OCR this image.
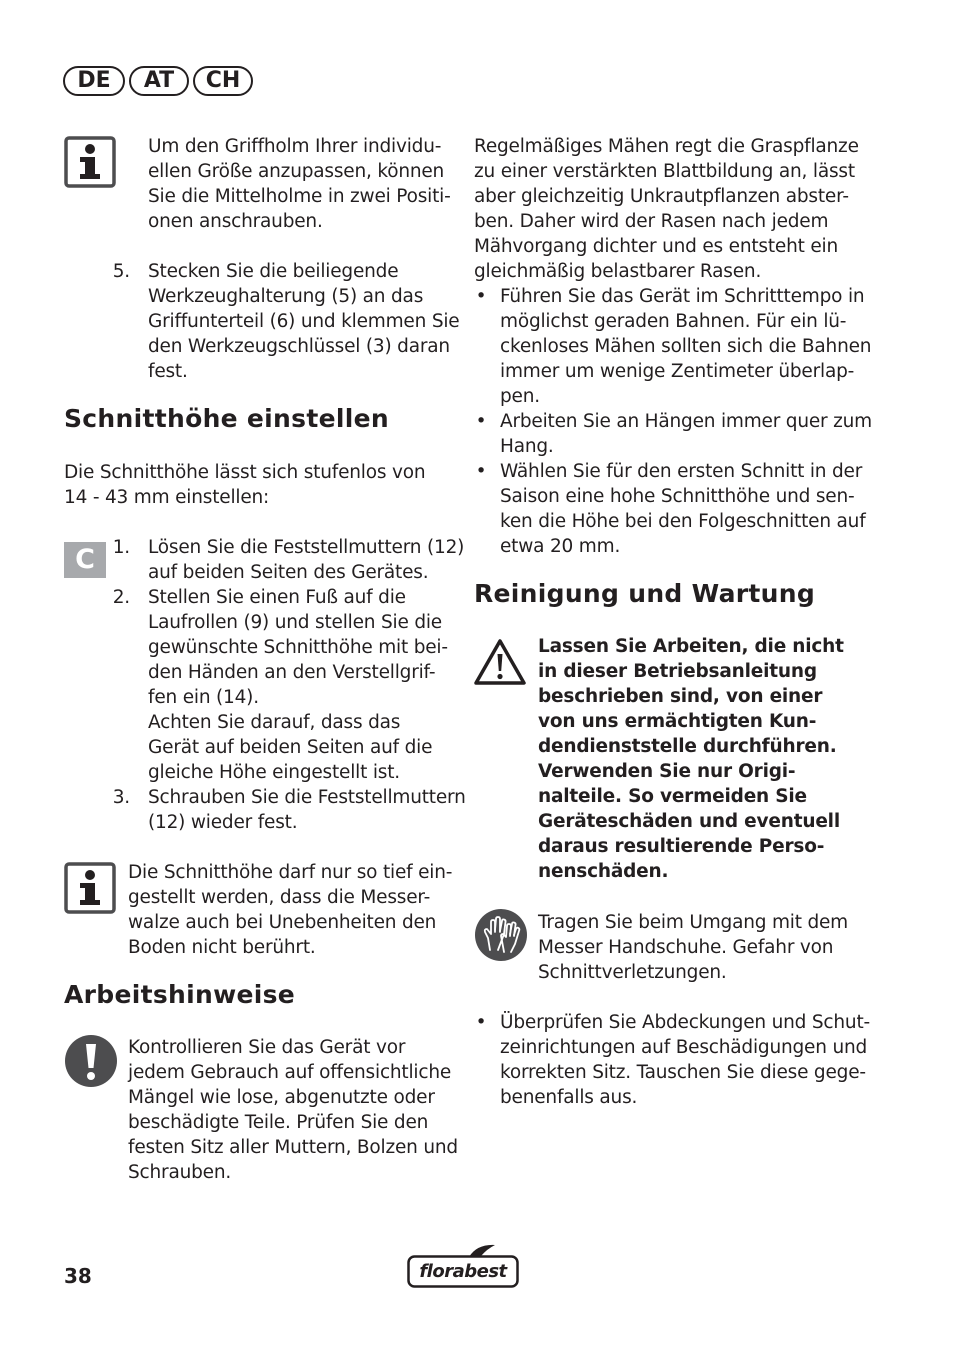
DE	AT	CH
Um den Griffholm Ihrer individu-
ellen Größe anzupassen, können
Sie die Mittelholme in zwei Positi-
onen anschrauben.
5. Stecken Sie die beiliegende
Werkzeughalterung (5) an das
Griffunterteil (6) und klemmen Sie
den Werkzeugschlüssel (3) daran
fest.
Schnitthöhe einstellen
Die Schnitthöhe lässt sich stufenlos von
14 - 43 mm einstellen:
C 1. Lösen Sie die Feststellmuttern (12)
auf beiden Seiten des Gerätes.
2. Stellen Sie einen Fuß auf die
Laufrollen (9) und stellen Sie die
gewünschte Schnitthöhe mit bei-
den Händen an den Verstellgrif-
fen ein (14).
Achten Sie darauf, dass das
Gerät auf beiden Seiten auf die
gleiche Höhe eingestellt ist.
3. Schrauben Sie die Feststellmuttern
(12) wieder fest.
Die Schnitthöhe darf nur so tief ein-
gestellt werden, dass die Messer-
walze auch bei Unebenheiten den
Boden nicht berührt.
Arbeitshinweise
Kontrollieren Sie das Gerät vor
jedem Gebrauch auf offensichtliche
Mängel wie lose, abgenutzte oder
beschädigte Teile. Prüfen Sie den
festen Sitz aller Muttern, Bolzen und
Schrauben.
Regelmäßiges Mähen regt die Graspflanze
zu einer verstärkten Blattbildung an, lässt
aber gleichzeitig Unkrautpflanzen abster-
ben. Daher wird der Rasen nach jedem
Mähvorgang dichter und es entsteht ein
gleichmäßig belastbarer Rasen.
• Führen Sie das Gerät im Schritttempo in
möglichst geraden Bahnen. Für ein lü-
ckenloses Mähen sollten sich die Bahnen
immer um wenige Zentimeter überlap-
pen.
• Arbeiten Sie an Hängen immer quer zum
Hang.
• Wählen Sie für den ersten Schnitt in der
Saison eine hohe Schnitthöhe und sen-
ken die Höhe bei den Folgeschnitten auf
etwa 20 mm.
Reinigung und Wartung
Lassen Sie Arbeiten, die nicht
in dieser Betriebsanleitung
beschrieben sind, von einer
von uns ermächtigten Kun-
dendienststelle durchführen.
Verwenden Sie nur Origi-
nalteile. So vermeiden Sie
Geräteschäden und eventuell
daraus resultierende Perso-
nenschäden.
Tragen Sie beim Umgang mit dem
Messer Handschuhe. Gefahr von
Schnittverletzungen.
• Überprüfen Sie Abdeckungen und Schut-
zeinrichtungen auf Beschädigungen und
korrekten Sitz. Tauschen Sie diese gege-
benenfalls aus.
38	florabest
